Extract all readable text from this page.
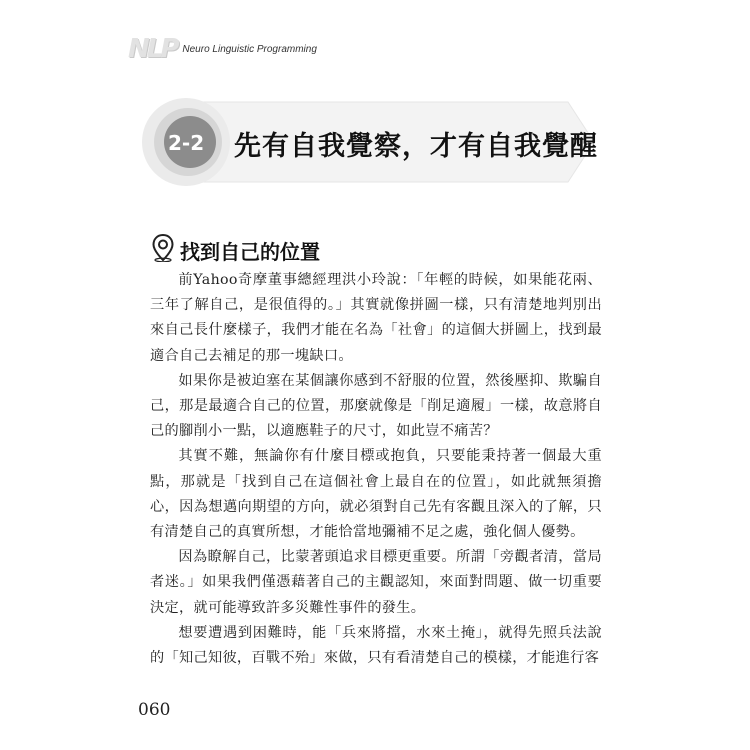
NLP Neuro Linguistic Programming
2-2 先有自我覺察，才有自我覺醒
找到自己的位置

前Yahoo奇摩董事總經理洪小玲說：「年輕的時候，如果能花兩、三年了解自己，是很值得的。」其實就像拼圖一樣，只有清楚地判別出來自己長什麼樣子，我們才能在名為「社會」的這個大拼圖上，找到最適合自己去補足的那一塊缺口。

如果你是被迫塞在某個讓你感到不舒服的位置，然後壓抑、欺騙自己，那是最適合自己的位置，那麼就像是「削足適履」一樣，故意將自己的腳削小一點，以適應鞋子的尺寸，如此豈不痛苦？

其實不難，無論你有什麼目標或抱負，只要能秉持著一個最大重點，那就是「找到自己在這個社會上最自在的位置」，如此就無須擔心，因為想邁向期望的方向，就必須對自己先有客觀且深入的了解，只有清楚自己的真實所想，才能恰當地彌補不足之處，強化個人優勢。

因為瞭解自己，比蒙著頭追求目標更重要。所謂「旁觀者清，當局者迷。」如果我們僅憑藉著自己的主觀認知，來面對問題、做一切重要決定，就可能導致許多災難性事件的發生。

想要遭遇到困難時，能「兵來將擋，水來土掩」，就得先照兵法說的「知己知彼，百戰不殆」來做，只有看清楚自己的模樣，才能進行客

060
